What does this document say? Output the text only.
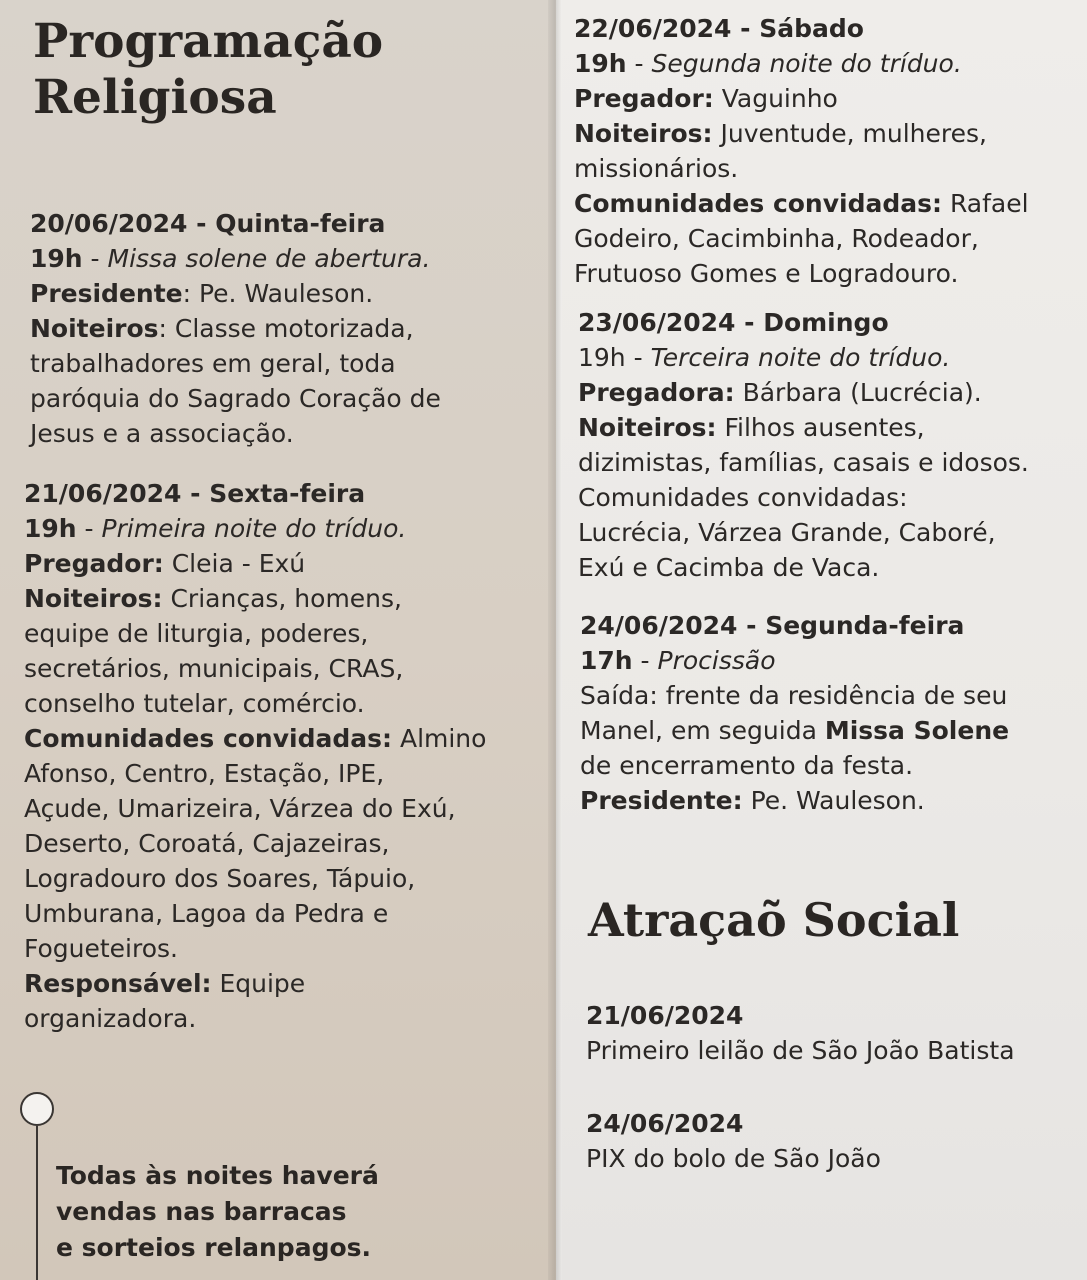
Programação
Religiosa

20/06/2024 - Quinta-feira

19h - Missa solene de abertura.

Presidente: Pe. Wauleson.

Noiteiros: Classe motorizada,

trabalhadores em geral, toda

paróquia do Sagrado Coração de

Jesus e a associação.

21/06/2024 - Sexta-feira

19h - Primeira noite do tríduo.

Pregador: Cleia - Exú

Noiteiros: Crianças, homens,

equipe de liturgia, poderes,

secretários, municipais, CRAS,

conselho tutelar, comércio.

Comunidades convidadas: Almino

Afonso, Centro, Estação, IPE,

Açude, Umarizeira, Várzea do Exú,

Deserto, Coroatá, Cajazeiras,

Logradouro dos Soares, Tápuio,

Umburana, Lagoa da Pedra e

Fogueteiros.

Responsável: Equipe

organizadora.

22/06/2024 - Sábado

19h - Segunda noite do tríduo.

Pregador: Vaguinho

Noiteiros: Juventude, mulheres,

missionários.

Comunidades convidadas: Rafael

Godeiro, Cacimbinha, Rodeador,

Frutuoso Gomes e Logradouro.

23/06/2024 - Domingo

19h - Terceira noite do tríduo.

Pregadora: Bárbara (Lucrécia).

Noiteiros: Filhos ausentes,

dizimistas, famílias, casais e idosos.

Comunidades convidadas:

Lucrécia, Várzea Grande, Caboré,

Exú e Cacimba de Vaca.

24/06/2024 - Segunda-feira

17h - Procissão

Saída: frente da residência de seu

Manel, em seguida Missa Solene

de encerramento da festa.

Presidente: Pe. Wauleson.

Atraçaõ Social

21/06/2024

Primeiro leilão de São João Batista

24/06/2024

PIX do bolo de São João

Todas às noites haverá

vendas nas barracas

e sorteios relanpagos.
